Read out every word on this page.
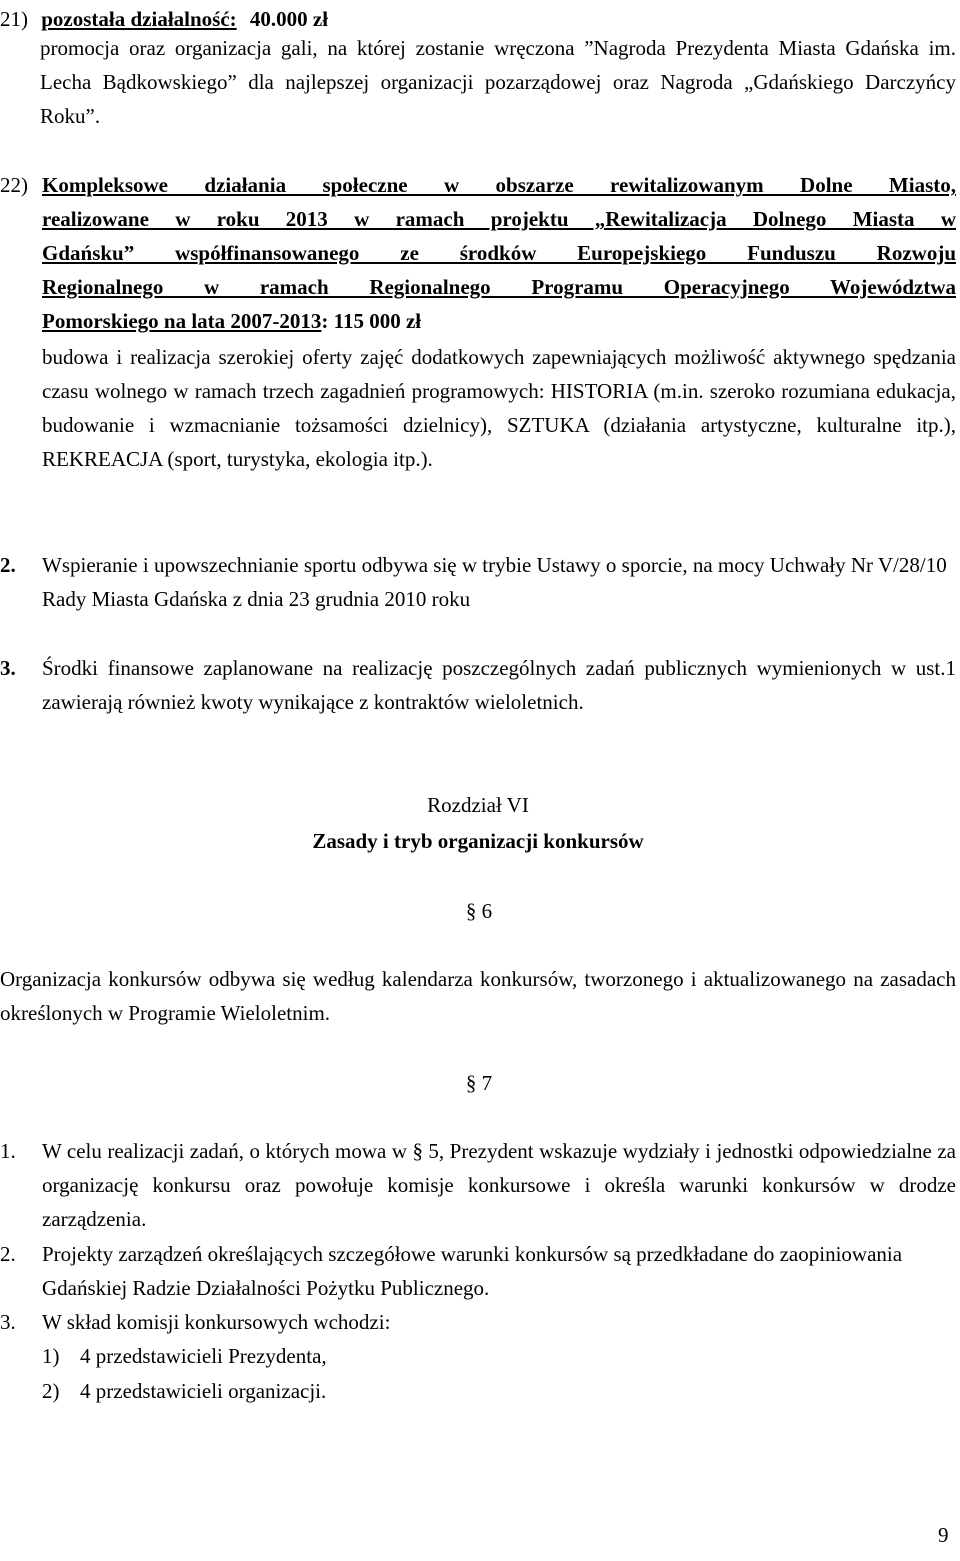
21) pozostała działalność: 40.000 zł
promocja oraz organizacja gali, na której zostanie wręczona ”Nagroda Prezydenta Miasta Gdańska im. Lecha Bądkowskiego” dla najlepszej organizacji pozarządowej oraz Nagroda „Gdańskiego Darczyńcy Roku”.
22) Kompleksowe działania społeczne w obszarze rewitalizowanym Dolne Miasto,
realizowane w roku 2013 w ramach projektu „Rewitalizacja Dolnego Miasta w
Gdańsku” współfinansowanego ze środków Europejskiego Funduszu Rozwoju
Regionalnego w ramach Regionalnego Programu Operacyjnego Województwa
Pomorskiego na lata 2007-2013: 115 000 zł
budowa i realizacja szerokiej oferty zajęć dodatkowych zapewniających możliwość aktywnego spędzania czasu wolnego w ramach trzech zagadnień programowych: HISTORIA (m.in. szeroko rozumiana edukacja, budowanie i wzmacnianie tożsamości dzielnicy), SZTUKA (działania artystyczne, kulturalne itp.), REKREACJA (sport, turystyka, ekologia itp.).
2. Wspieranie i upowszechnianie sportu odbywa się w trybie Ustawy o sporcie, na mocy Uchwały Nr V/28/10 Rady Miasta Gdańska z dnia 23 grudnia 2010 roku
3. Środki finansowe zaplanowane na realizację poszczególnych zadań publicznych wymienionych w ust.1 zawierają również kwoty wynikające z kontraktów wieloletnich.
Rozdział VI
Zasady i tryb organizacji konkursów
§ 6
Organizacja konkursów odbywa się według kalendarza konkursów, tworzonego i aktualizowanego na zasadach określonych w Programie Wieloletnim.
§ 7
1. W celu realizacji zadań, o których mowa w § 5, Prezydent wskazuje wydziały i jednostki odpowiedzialne za organizację konkursu oraz powołuje komisje konkursowe i określa warunki konkursów w drodze zarządzenia.
2. Projekty zarządzeń określających szczegółowe warunki konkursów są przedkładane do zaopiniowania Gdańskiej Radzie Działalności Pożytku Publicznego.
3. W skład komisji konkursowych wchodzi:
1) 4 przedstawicieli Prezydenta,
2) 4 przedstawicieli organizacji.
9
